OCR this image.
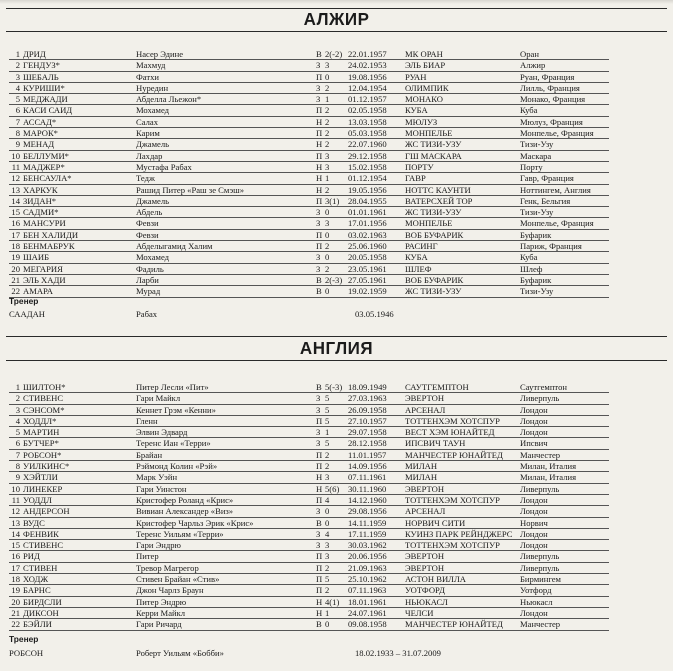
АЛЖИР
1 ДРИД	Насер Эдине	В 2(-2) 22.01.1957	МК ОРАН	Оран
2 ГЕНДУЗ*	Махмуд	З 3	24.02.1953	ЭЛЬ БИАР	Алжир
3 ШЕБАЛЬ	Фатхи	П 0	19.08.1956	РУАН	Руан, Франция
4 КУРИШИ*	Нуредин	З 2	12.04.1954	ОЛИМПИК	Лилль, Франция
5 МЕДЖАДИ	Абделла Льежон*	З 1	01.12.1957	МОНАКО	Монако, Франция
6 КАСИ САИД	Мохамед	П 2	02.05.1958	КУБА	Куба
7 АССАД*	Салах	Н 2	13.03.1958	МЮЛУЗ	Мюлуз, Франция
8 МАРОК*	Карим	П 2	05.03.1958	МОНПЕЛЬЕ	Монпелье, Франция
9 МЕНАД	Джамель	Н 2	22.07.1960	ЖС ТИЗИ-УЗУ	Тизи-Узу
10 БЕЛЛУМИ*	Лахдар	П 3	29.12.1958	ГШ МАСКАРА	Маскара
11 МАДЖЕР*	Мустафа Рабах	Н 3	15.02.1958	ПОРТУ	Порту
12 БЕНСАУЛА*	Тедж	Н 1	01.12.1954	ГАВР	Гавр, Франция
13 ХАРКУК	Рашид Питер «Раш зе Смэш»	Н 2	19.05.1956	НОТТС КАУНТИ	Ноттингем, Англия
14 ЗИДАН*	Джамель	П 3(1)	28.04.1955	ВАТЕРСХЕЙ ТОР	Генк, Бельгия
15 САДМИ*	Абдель	З 0	01.01.1961	ЖС ТИЗИ-УЗУ	Тизи-Узу
16 МАНСУРИ	Февзи	З 3	17.01.1956	МОНПЕЛЬЕ	Монпелье, Франция
17 БЕН ХАЛИДИ	Февзи	П 0	03.02.1963	ВОБ БУФАРИК	Буфарик
18 БЕНМАБРУК	Абделыгамид Халим	П 2	25.06.1960	РАСИНГ	Париж, Франция
19 ШАИБ	Мохамед	З 0	20.05.1958	КУБА	Куба
20 МЕГАРИЯ	Фадиль	З 2	23.05.1961	ШЛЕФ	Шлеф
21 ЭЛЬ ХАДИ	Ларби	В 2(-3) 27.05.1961	ВОБ БУФАРИК	Буфарик
22 АМАРА	Мурад	В 0	19.02.1959	ЖС ТИЗИ-УЗУ	Тизи-Узу
Тренер
СААДАН	Рабах	03.05.1946
АНГЛИЯ
1 ШИЛТОН*	Питер Лесли «Пит»	В 5(-3) 18.09.1949	САУТГЕМПТОН	Саутгемптон
2 СТИВЕНС	Гари Майкл	З 5	27.03.1963	ЭВЕРТОН	Ливерпуль
3 СЭНСОМ*	Кеннет Грэм «Кенни»	З 5	26.09.1958	АРСЕНАЛ	Лондон
4 ХОДДЛ*	Гленн	П 5	27.10.1957	ТОТТЕНХЭМ ХОТСПУР	Лондон
5 МАРТИН	Элвин Эдвард	З 1	29.07.1958	ВЕСТ ХЭМ ЮНАЙТЕД	Лондон
6 БУТЧЕР*	Теренс Иан «Терри»	З 5	28.12.1958	ИПСВИЧ ТАУН	Ипсвич
7 РОБСОН*	Брайан	П 2	11.01.1957	МАНЧЕСТЕР ЮНАЙТЕД	Манчестер
8 УИЛКИНС*	Рэймонд Колин «Рэй»	П 2	14.09.1956	МИЛАН	Милан, Италия
9 ХЭЙТЛИ	Марк Уэйн	Н 3	07.11.1961	МИЛАН	Милан, Италия
10 ЛИНЕКЕР	Гари Уинстон	Н 5(6)	30.11.1960	ЭВЕРТОН	Ливерпуль
11 УОДДЛ	Кристофер Роланд «Крис»	П 4	14.12.1960	ТОТТЕНХЭМ ХОТСПУР	Лондон
12 АНДЕРСОН	Вивиан Александер «Виз»	З 0	29.08.1956	АРСЕНАЛ	Лондон
13 ВУДС	Кристофер Чарльз Эрик «Крис»	В 0	14.11.1959	НОРВИЧ СИТИ	Норвич
14 ФЕНВИК	Теренс Уильям «Терри»	З 4	17.11.1959	КУИНЗ ПАРК РЕЙНДЖЕРС Лондон
15 СТИВЕНС	Гари Эндрю	З 3	30.03.1962	ТОТТЕНХЭМ ХОТСПУР	Лондон
16 РИД	Питер	П 3	20.06.1956	ЭВЕРТОН	Ливерпуль
17 СТИВЕН	Тревор Магрегор	П 2	21.09.1963	ЭВЕРТОН	Ливерпуль
18 ХОДЖ	Стивен Брайан «Стив»	П 5	25.10.1962	АСТОН ВИЛЛА	Бирмингем
19 БАРНС	Джон Чарлз Браун	П 2	07.11.1963	УОТФОРД	Уотфорд
20 БИРДСЛИ	Питер Эндрю	Н 4(1)	18.01.1961	НЬЮКАСЛ	Ньюкасл
21 ДИКСОН	Керри Майкл	Н 1	24.07.1961	ЧЕЛСИ	Лондон
22 БЭЙЛИ	Гари Ричард	В 0	09.08.1958	МАНЧЕСТЕР ЮНАЙТЕД	Манчестер
Тренер
РОБСОН	Роберт Уильям «Бобби»	18.02.1933 – 31.07.2009
